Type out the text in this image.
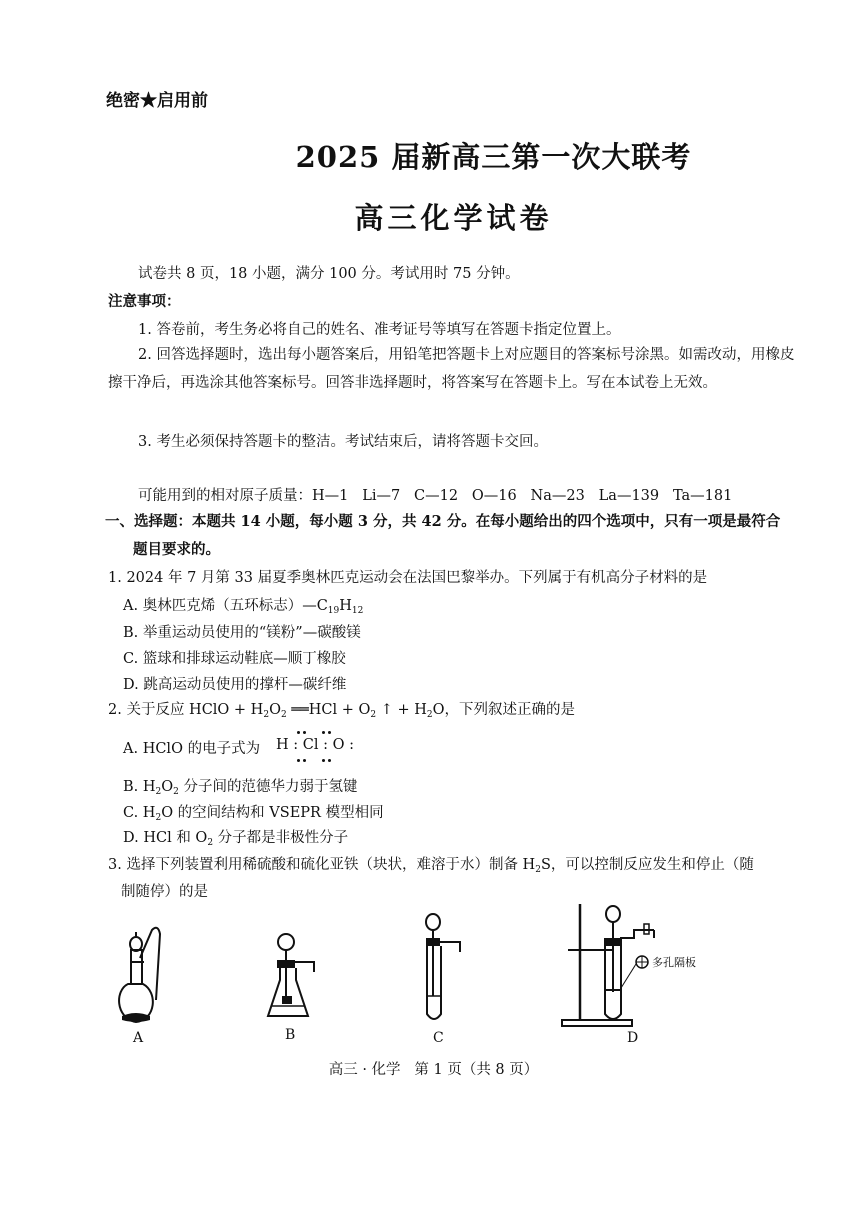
绝密★启用前
2025 届新高三第一次大联考
高三化学试卷
试卷共 8 页，18 小题，满分 100 分。考试用时 75 分钟。
注意事项：
1. 答卷前，考生务必将自己的姓名、准考证号等填写在答题卡指定位置上。
2. 回答选择题时，选出每小题答案后，用铅笔把答题卡上对应题目的答案标号涂黑。如需改动，用橡皮擦干净后，再选涂其他答案标号。回答非选择题时，将答案写在答题卡上。写在本试卷上无效。
3. 考生必须保持答题卡的整洁。考试结束后，请将答题卡交回。
可能用到的相对原子质量：H—1   Li—7   C—12   O—16   Na—23   La—139   Ta—181
一、选择题：本题共 14 小题，每小题 3 分，共 42 分。在每小题给出的四个选项中，只有一项是最符合
题目要求的。
1. 2024 年 7 月第 33 届夏季奥林匹克运动会在法国巴黎举办。下列属于有机高分子材料的是
A. 奥林匹克烯（五环标志）$—C_{19}H_{12}$
B. 举重运动员使用的“镁粉”—碳酸镁
C. 篮球和排球运动鞋底—顺丁橡胶
D. 跳高运动员使用的撑杆—碳纤维
2. 关于反应 HClO + $H_2O_2$ ══HCl + $O_2$ ↑ + $H_2O$，下列叙述正确的是
A. HClO 的电子式为 H : Cl : O :
B. $H_2O_2$ 分子间的范德华力弱于氢键
C. $H_2O$ 的空间结构和 VSEPR 模型相同
D. HCl 和 $O_2$ 分子都是非极性分子
3. 选择下列装置利用稀硫酸和硫化亚铁（块状，难溶于水）制备 $H_2S$，可以控制反应发生和停止（随
制随停）的是
多孔隔板
A	B	C	D
高三 · 化学   第 1 页（共 8 页）
